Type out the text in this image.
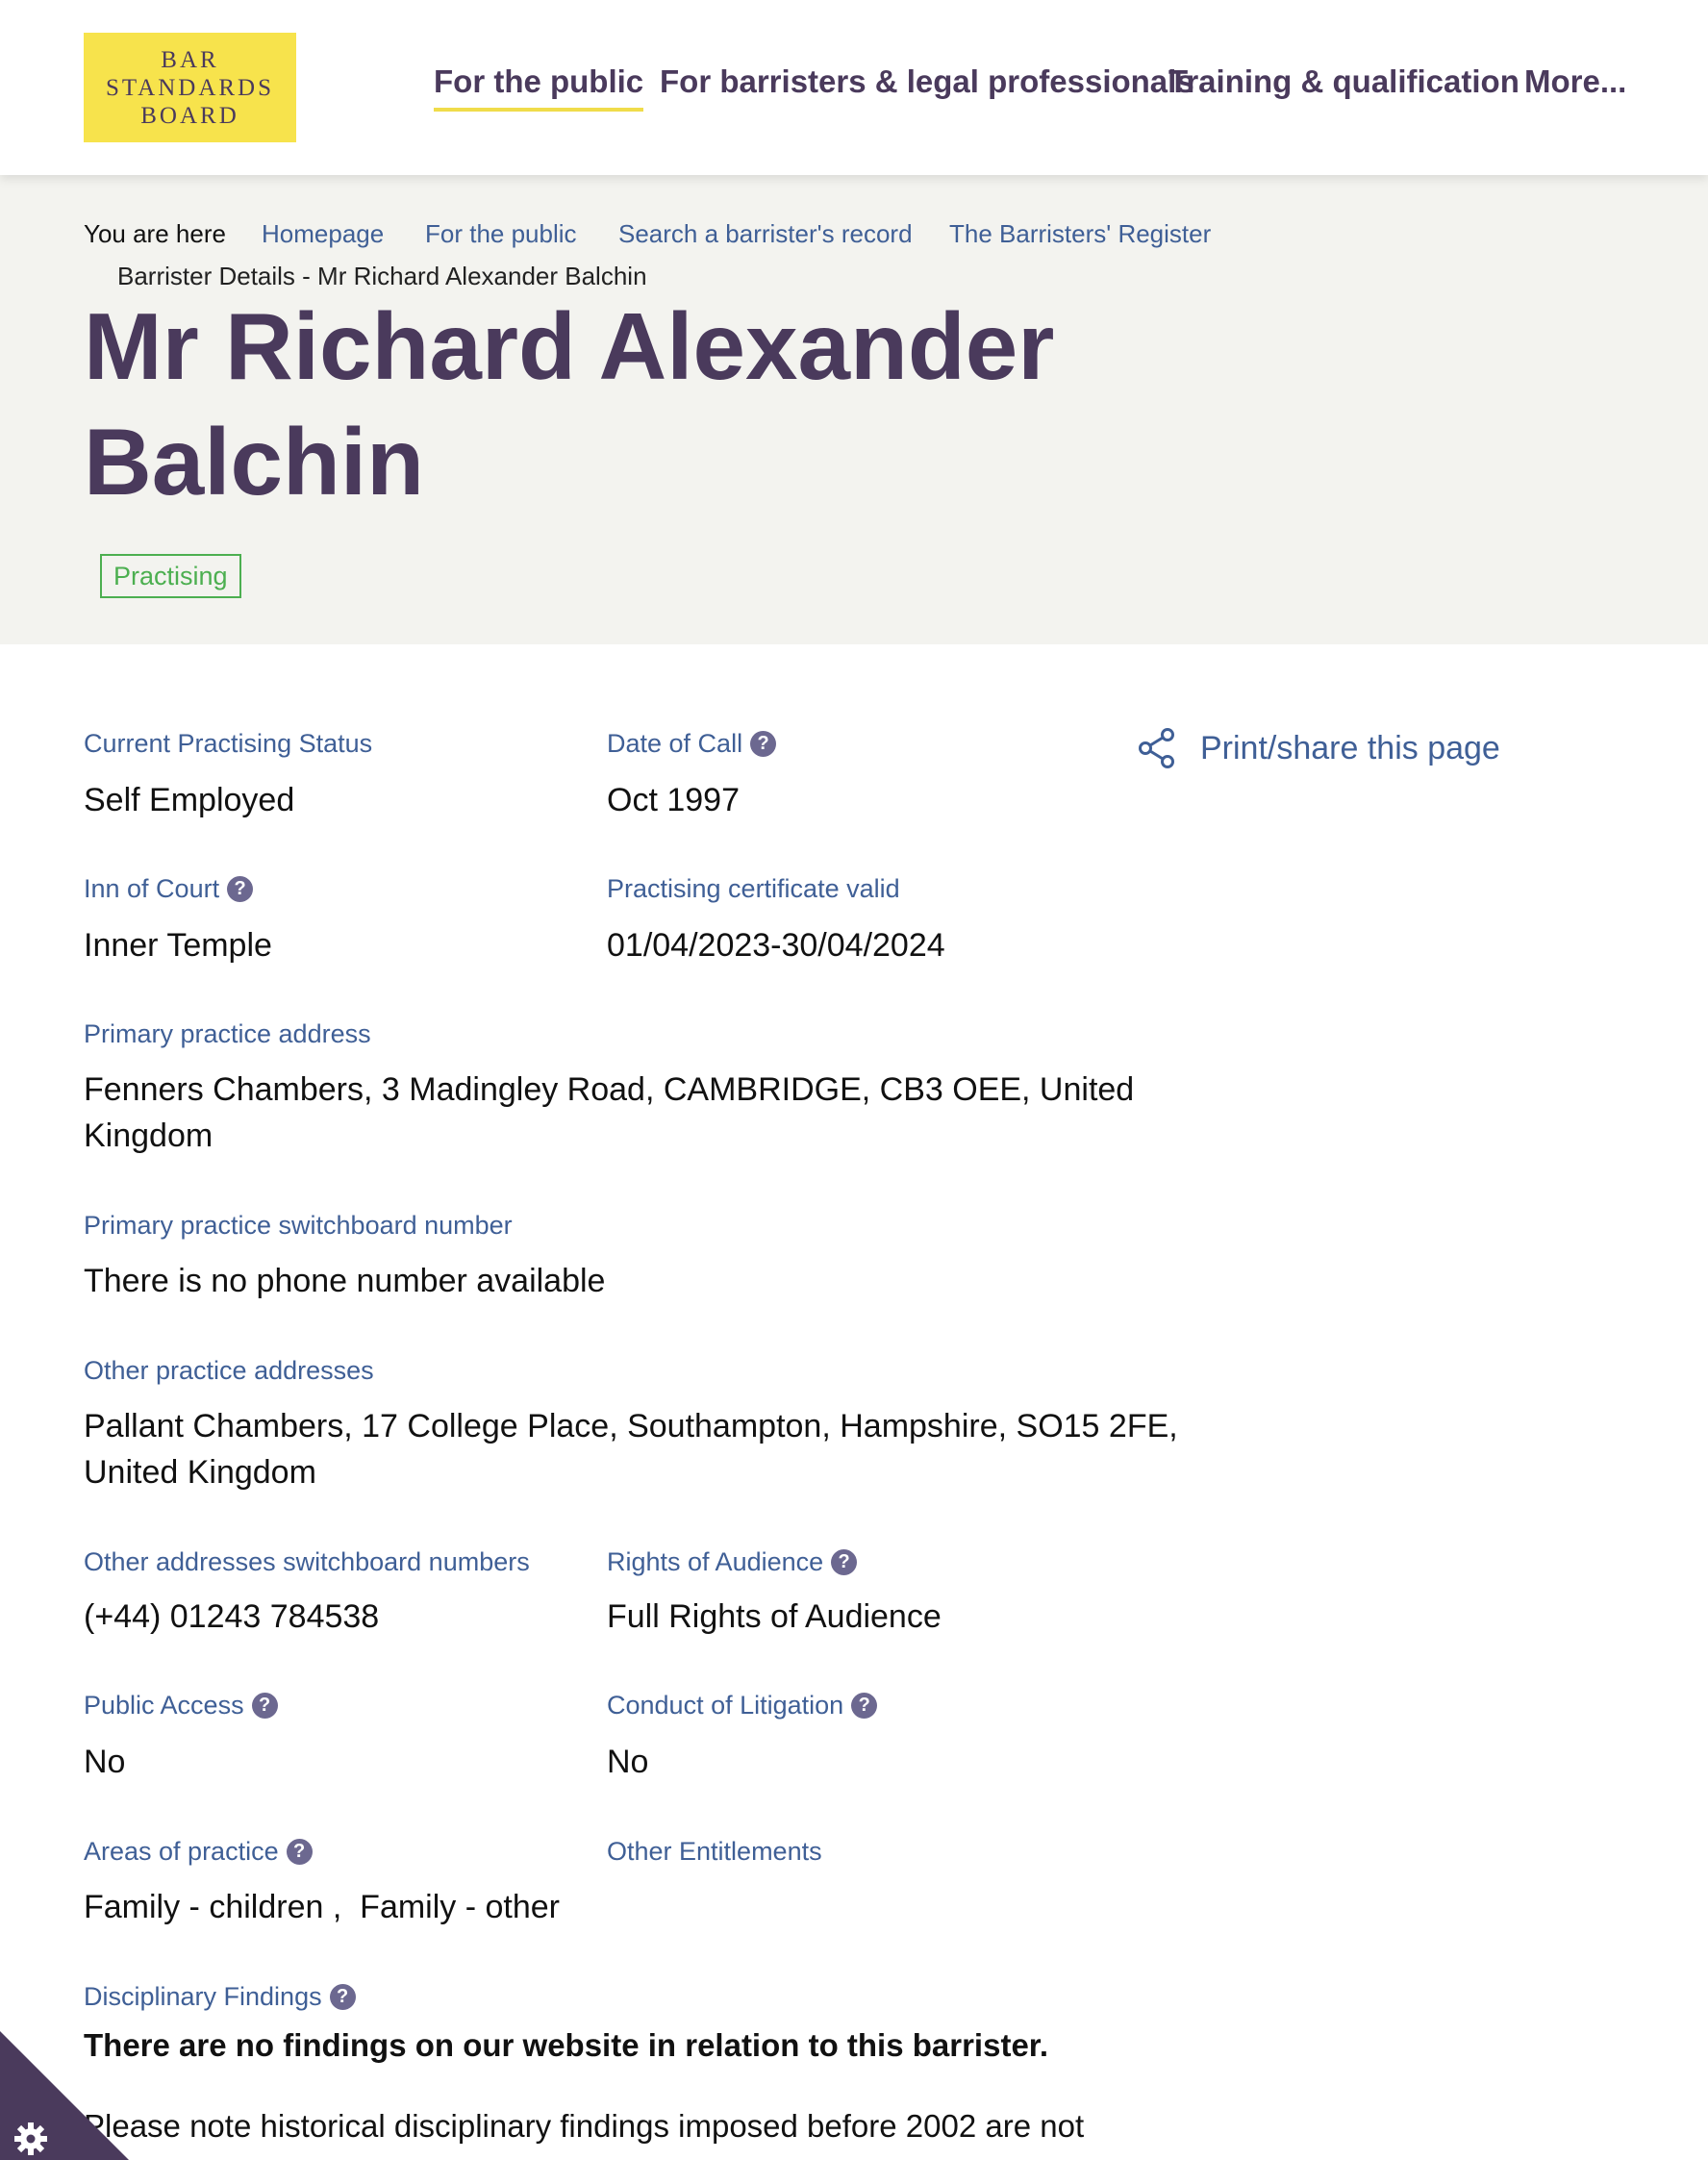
BAR
STANDARDS
BOARD
For the public For barristers & legal professionals
Training & qualification More...
You are here Homepage For the public Search a barrister's record The Barristers' Register
Barrister Details - Mr Richard Alexander Balchin
Mr Richard Alexander
Balchin
Practising
Current Practising Status
Self Employed
Date of Call ?
Oct 1997
Print/share this page
Inn of Court ?
Inner Temple
Practising certificate valid
01/04/2023-30/04/2024
Primary practice address
Fenners Chambers, 3 Madingley Road, CAMBRIDGE, CB3 OEE, United
Kingdom
Primary practice switchboard number
There is no phone number available
Other practice addresses
Pallant Chambers, 17 College Place, Southampton, Hampshire, SO15 2FE,
United Kingdom
Other addresses switchboard numbers
(+44) 01243 784538
Rights of Audience ?
Full Rights of Audience
Public Access ?
No
Conduct of Litigation ?
No
Areas of practice ?
Family - children ,  Family - other
Other Entitlements
Disciplinary Findings ?
There are no findings on our website in relation to this barrister.
Please note historical disciplinary findings imposed before 2002 are not
